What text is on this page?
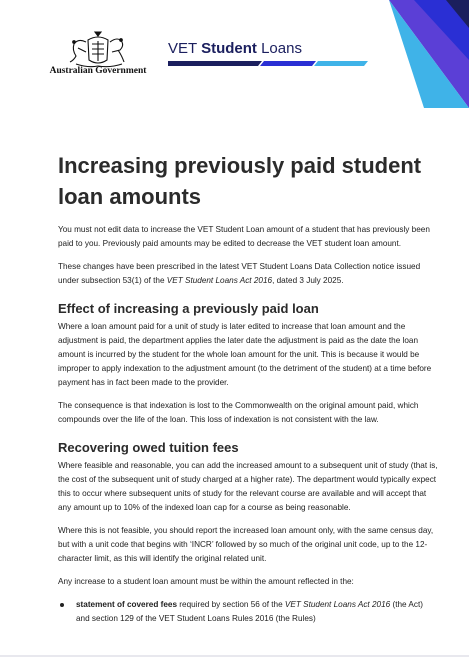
Australian Government
VET Student Loans
Increasing previously paid student loan amounts

You must not edit data to increase the VET Student Loan amount of a student that has previously been paid to you. Previously paid amounts may be edited to decrease the VET student loan amount.

These changes have been prescribed in the latest VET Student Loans Data Collection notice issued under subsection 53(1) of the VET Student Loans Act 2016, dated 3 July 2025.

Effect of increasing a previously paid loan

Where a loan amount paid for a unit of study is later edited to increase that loan amount and the adjustment is paid, the department applies the later date the adjustment is paid as the date the loan amount is incurred by the student for the whole loan amount for the unit. This is because it would be improper to apply indexation to the adjustment amount (to the detriment of the student) at a time before payment has in fact been made to the provider.

The consequence is that indexation is lost to the Commonwealth on the original amount paid, which compounds over the life of the loan. This loss of indexation is not consistent with the law.

Recovering owed tuition fees

Where feasible and reasonable, you can add the increased amount to a subsequent unit of study (that is, the cost of the subsequent unit of study charged at a higher rate). The department would typically expect this to occur where subsequent units of study for the relevant course are available and will accept that any amount up to 10% of the indexed loan cap for a course as being reasonable.

Where this is not feasible, you should report the increased loan amount only, with the same census day, but with a unit code that begins with ‘INCR’ followed by so much of the original unit code, up to the 12-character limit, as this will identify the original related unit.

Any increase to a student loan amount must be within the amount reflected in the:

statement of covered fees required by section 56 of the VET Student Loans Act 2016 (the Act) and section 129 of the VET Student Loans Rules 2016 (the Rules)
